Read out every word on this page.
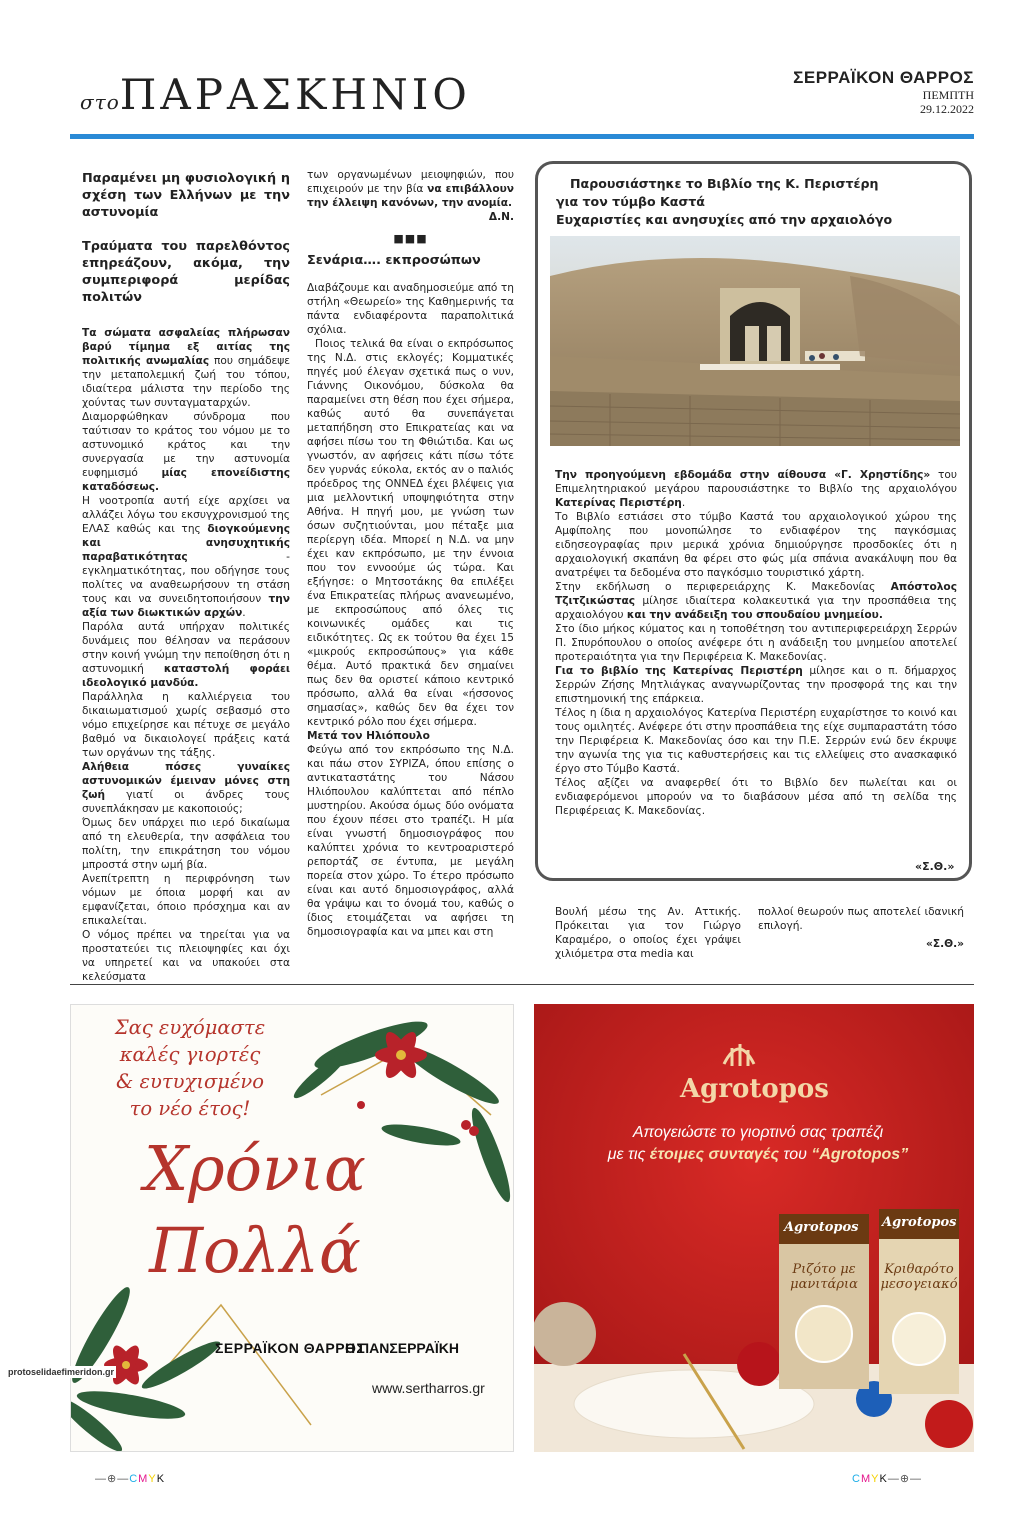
στοΠΑΡΑΣΚΗΝΙΟ	ΣΕΡΡΑΪΚΟΝ ΘΑΡΡΟΣ
ΠΕΜΠΤΗ
29.12.2022

Παραμένει μη φυσιολογική η σχέση των Ελλήνων με την αστυνομία

Τραύματα του παρελθόντος επηρεάζουν, ακόμα, την συμπεριφορά μερίδας πολιτών

Τα σώματα ασφαλείας πλήρωσαν βαρύ τίμημα εξ αιτίας της πολιτικής ανωμαλίας που σημάδεψε την μεταπολεμική ζωή του τόπου, ιδιαίτερα μάλιστα την περίοδο της χούντας των συνταγματαρχών.

Διαμορφώθηκαν σύνδρομα που ταύτισαν το κράτος του νόμου με το αστυνομικό κράτος και την συνεργασία με την αστυνομία ευφημισμό μίας επονείδιστης καταδόσεως.

Η νοοτροπία αυτή είχε αρχίσει να αλλάζει λόγω του εκσυγχρονισμού της ΕΛΑΣ καθώς και της διογκούμενης και ανησυχητικής παραβατικότητας - εγκληματικότητας, που οδήγησε τους πολίτες να αναθεωρήσουν τη στάση τους και να συνειδητοποιήσουν την αξία των διωκτικών αρχών.

Παρόλα αυτά υπήρχαν πολιτικές δυνάμεις που θέλησαν να περάσουν στην κοινή γνώμη την πεποίθηση ότι η αστυνομική καταστολή φοράει ιδεολογικό μανδύα.

Παράλληλα η καλλιέργεια του δικαιωματισμού χωρίς σεβασμό στο νόμο επιχείρησε και πέτυχε σε μεγάλο βαθμό να δικαιολογεί πράξεις κατά των οργάνων της τάξης.

Αλήθεια πόσες γυναίκες αστυνομικών έμειναν μόνες στη ζωή γιατί οι άνδρες τους συνεπλάκησαν με κακοποιούς;

Όμως δεν υπάρχει πιο ιερό δικαίωμα από τη ελευθερία, την ασφάλεια του πολίτη, την επικράτηση του νόμου μπροστά στην ωμή βία.

Ανεπίτρεπτη η περιφρόνηση των νόμων με όποια μορφή και αν εμφανίζεται, όποιο πρόσχημα και αν επικαλείται.

Ο νόμος πρέπει να τηρείται για να προστατεύει τις πλειοψηφίες και όχι να υπηρετεί και να υπακούει στα κελεύσματα

των οργανωμένων μειοψηφιών, που επιχειρούν με την βία να επιβάλλουν την έλλειψη κανόνων, την ανομία.

Δ.Ν.

■■■

Σενάρια…. εκπροσώπων

Διαβάζουμε και αναδημοσιεύμε από τη στήλη «Θεωρείο» της Καθημερινής τα πάντα ενδιαφέροντα παραπολιτικά σχόλια.

Ποιος τελικά θα είναι ο εκπρόσωπος της Ν.Δ. στις εκλογές; Κομματικές πηγές μού έλεγαν σχετικά πως ο νυν, Γιάννης Οικονόμου, δύσκολα θα παραμείνει στη θέση που έχει σήμερα, καθώς αυτό θα συνεπάγεται μεταπήδηση στο Επικρατείας και να αφήσει πίσω του τη Φθιώτιδα. Και ως γνωστόν, αν αφήσεις κάτι πίσω τότε δεν γυρνάς εύκολα, εκτός αν ο παλιός πρόεδρος της ΟΝΝΕΔ έχει βλέψεις για μια μελλοντική υποψηφιότητα στην Αθήνα. Η πηγή μου, με γνώση των όσων συζητιούνται, μου πέταξε μια περίεργη ιδέα. Μπορεί η Ν.Δ. να μην έχει καν εκπρόσωπο, με την έννοια που τον εννοούμε ώς τώρα. Και εξήγησε: ο Μητσοτάκης θα επιλέξει ένα Επικρατείας πλήρως ανανεωμένο, με εκπροσώπους από όλες τις κοινωνικές ομάδες και τις ειδικότητες. Ως εκ τούτου θα έχει 15 «μικρούς εκπροσώπους» για κάθε θέμα. Αυτό πρακτικά δεν σημαίνει πως δεν θα οριστεί κάποιο κεντρικό πρόσωπο, αλλά θα είναι «ήσσονος σημασίας», καθώς δεν θα έχει τον κεντρικό ρόλο που έχει σήμερα.

Μετά τον Ηλιόπουλο

Φεύγω από τον εκπρόσωπο της Ν.Δ. και πάω στον ΣΥΡΙΖΑ, όπου επίσης ο αντικαταστάτης του Νάσου Ηλιόπουλου καλύπτεται από πέπλο μυστηρίου. Ακούσα όμως δύο ονόματα που έχουν πέσει στο τραπέζι. Η μία είναι γνωστή δημοσιογράφος που καλύπτει χρόνια το κεντροαριστερό ρεπορτάζ σε έντυπα, με μεγάλη πορεία στον χώρο. Το έτερο πρόσωπο είναι και αυτό δημοσιογράφος, αλλά θα γράψω και το όνομά του, καθώς ο ίδιος ετοιμάζεται να αφήσει τη δημοσιογραφία και να μπει και στη

Παρουσιάστηκε το Βιβλίο της Κ. Περιστέρη
για τον τύμβο Καστά
Ευχαριστίες και ανησυχίες από την αρχαιολόγο

Την προηγούμενη εβδομάδα στην αίθουσα «Γ. Χρηστίδης» του Επιμελητηριακού μεγάρου παρουσιάστηκε το Βιβλίο της αρχαιολόγου Κατερίνας Περιστέρη.

Το Βιβλίο εστιάσει στο τύμβο Καστά του αρχαιολογικού χώρου της Αμφίπολης που μονοπώλησε το ενδιαφέρον της παγκόσμιας ειδησεογραφίας πριν μερικά χρόνια δημιούργησε προσδοκίες ότι η αρχαιολογική σκαπάνη θα φέρει στο φώς μία σπάνια ανακάλυψη που θα ανατρέψει τα δεδομένα στο παγκόσμιο τουριστικό χάρτη.

Στην εκδήλωση ο περιφερειάρχης Κ. Μακεδονίας Απόστολος Τζιτζικώστας μίλησε ιδιαίτερα κολακευτικά για την προσπάθεια της αρχαιολόγου και την ανάδειξη του σπουδαίου μνημείου.

Στο ίδιο μήκος κύματος και η τοποθέτηση του αντιπεριφερειάρχη Σερρών Π. Σπυρόπουλου ο οποίος ανέφερε ότι η ανάδειξη του μνημείου αποτελεί προτεραιότητα για την Περιφέρεια Κ. Μακεδονίας.

Για το βιβλίο της Κατερίνας Περιστέρη μίλησε και ο π. δήμαρχος Σερρών Ζήσης Μητλιάγκας αναγνωρίζοντας την προσφορά της και την επιστημονική της επάρκεια.

Τέλος η ίδια η αρχαιολόγος Κατερίνα Περιστέρη ευχαρίστησε το κοινό και τους ομιλητές. Ανέφερε ότι στην προσπάθεια της είχε συμπαραστάτη τόσο την Περιφέρεια Κ. Μακεδονίας όσο και την Π.Ε. Σερρών ενώ δεν έκρυψε την αγωνία της για τις καθυστερήσεις και τις ελλείψεις στο ανασκαφικό έργο στο Τύμβο Καστά.

Τέλος αξίζει να αναφερθεί ότι το Βιβλίο δεν πωλείται και οι ενδιαφερόμενοι μπορούν να το διαβάσουν μέσα από τη σελίδα της Περιφέρειας Κ. Μακεδονίας.

«Σ.Θ.»
Βουλή μέσω της Αν. Αττικής. Πρόκειται για τον Γιώργο Καραμέρο, ο οποίος έχει γράψει χιλιόμετρα στα media και

πολλοί θεωρούν πως αποτελεί ιδανική επιλογή.

«Σ.Θ.»

Σας ευχόμαστε
καλές γιορτές
& ευτυχισμένο
το νέο έτος!
Χρόνια
Πολλά
ΣΕΡΡΑΪΚΟΝ ΘΑΡΡΟΣ
Η ΠΑΝΣΕΡΡΑΪΚΗ
www.sertharros.gr
protoselidaefimeridon.gr
Agrotopos
Απογειώστε το γιορτινό σας τραπέζι
με τις έτοιμες συνταγές του “Agrotopos”
Agrotopos
Ριζότο με μανιτάρια
Agrotopos
Κριθαρότο μεσογειακό
—⊕—CMYK	CMYK—⊕—
